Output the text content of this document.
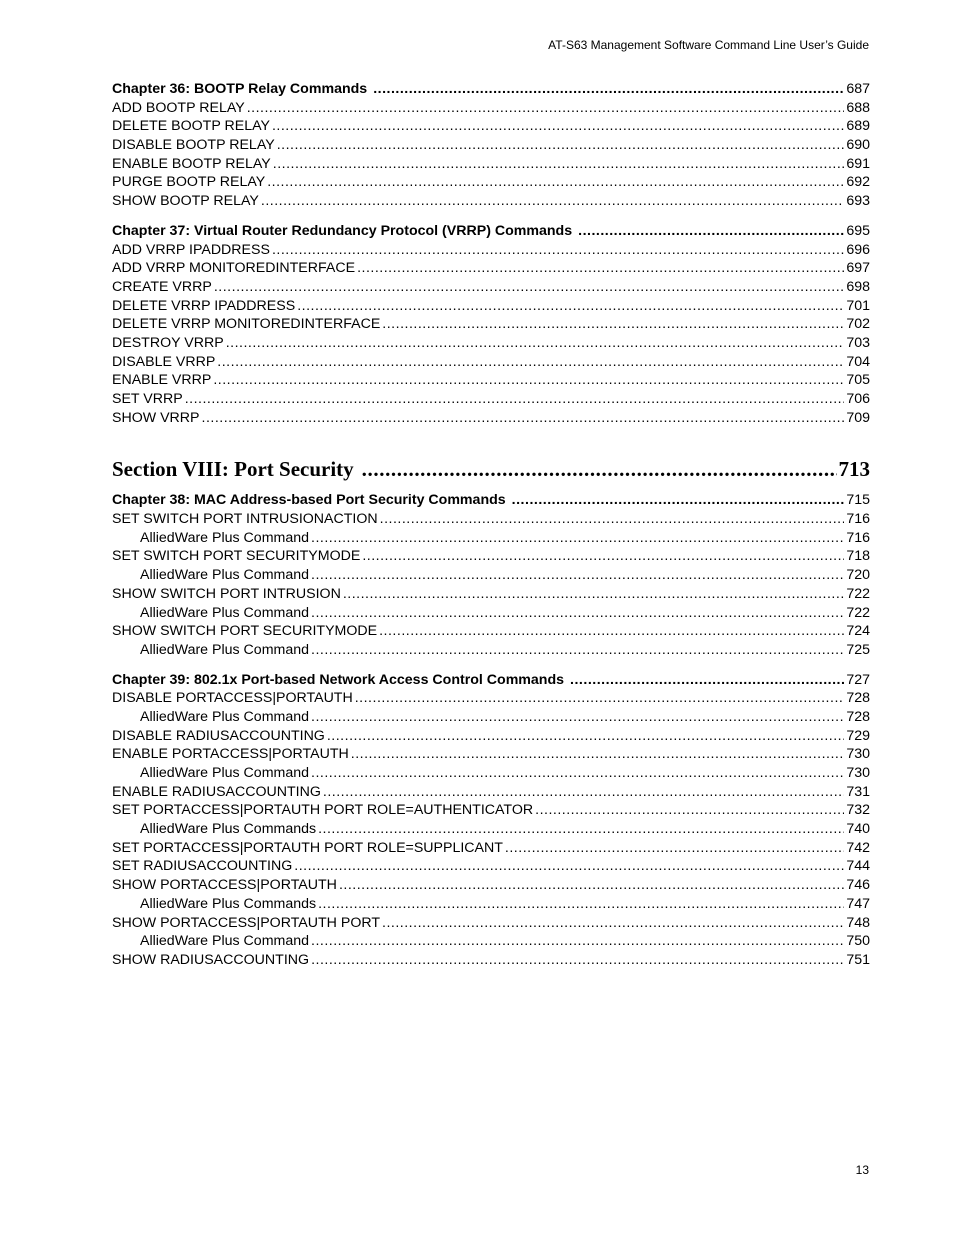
AT-S63 Management Software Command Line User’s Guide
Chapter 36: BOOTP Relay Commands .....	687
ADD BOOTP RELAY .....	688
DELETE BOOTP RELAY .....	689
DISABLE BOOTP RELAY .....	690
ENABLE BOOTP RELAY .....	691
PURGE BOOTP RELAY .....	692
SHOW BOOTP RELAY .....	693
Chapter 37: Virtual Router Redundancy Protocol (VRRP) Commands .....	695
ADD VRRP IPADDRESS .....	696
ADD VRRP MONITOREDINTERFACE .....	697
CREATE VRRP .....	698
DELETE VRRP IPADDRESS .....	701
DELETE VRRP MONITOREDINTERFACE .....	702
DESTROY VRRP .....	703
DISABLE VRRP .....	704
ENABLE VRRP .....	705
SET VRRP .....	706
SHOW VRRP .....	709
Section VIII: Port Security .....	713
Chapter 38: MAC Address-based Port Security Commands .....	715
SET SWITCH PORT INTRUSIONACTION .....	716
AlliedWare Plus Command .....	716
SET SWITCH PORT SECURITYMODE .....	718
AlliedWare Plus Command .....	720
SHOW SWITCH PORT INTRUSION .....	722
AlliedWare Plus Command .....	722
SHOW SWITCH PORT SECURITYMODE .....	724
AlliedWare Plus Command .....	725
Chapter 39: 802.1x Port-based Network Access Control Commands .....	727
DISABLE PORTACCESS|PORTAUTH .....	728
AlliedWare Plus Command .....	728
DISABLE RADIUSACCOUNTING .....	729
ENABLE PORTACCESS|PORTAUTH .....	730
AlliedWare Plus Command .....	730
ENABLE RADIUSACCOUNTING .....	731
SET PORTACCESS|PORTAUTH PORT ROLE=AUTHENTICATOR .....	732
AlliedWare Plus Commands .....	740
SET PORTACCESS|PORTAUTH PORT ROLE=SUPPLICANT .....	742
SET RADIUSACCOUNTING .....	744
SHOW PORTACCESS|PORTAUTH .....	746
AlliedWare Plus Commands .....	747
SHOW PORTACCESS|PORTAUTH PORT .....	748
AlliedWare Plus Command .....	750
SHOW RADIUSACCOUNTING .....	751
13
